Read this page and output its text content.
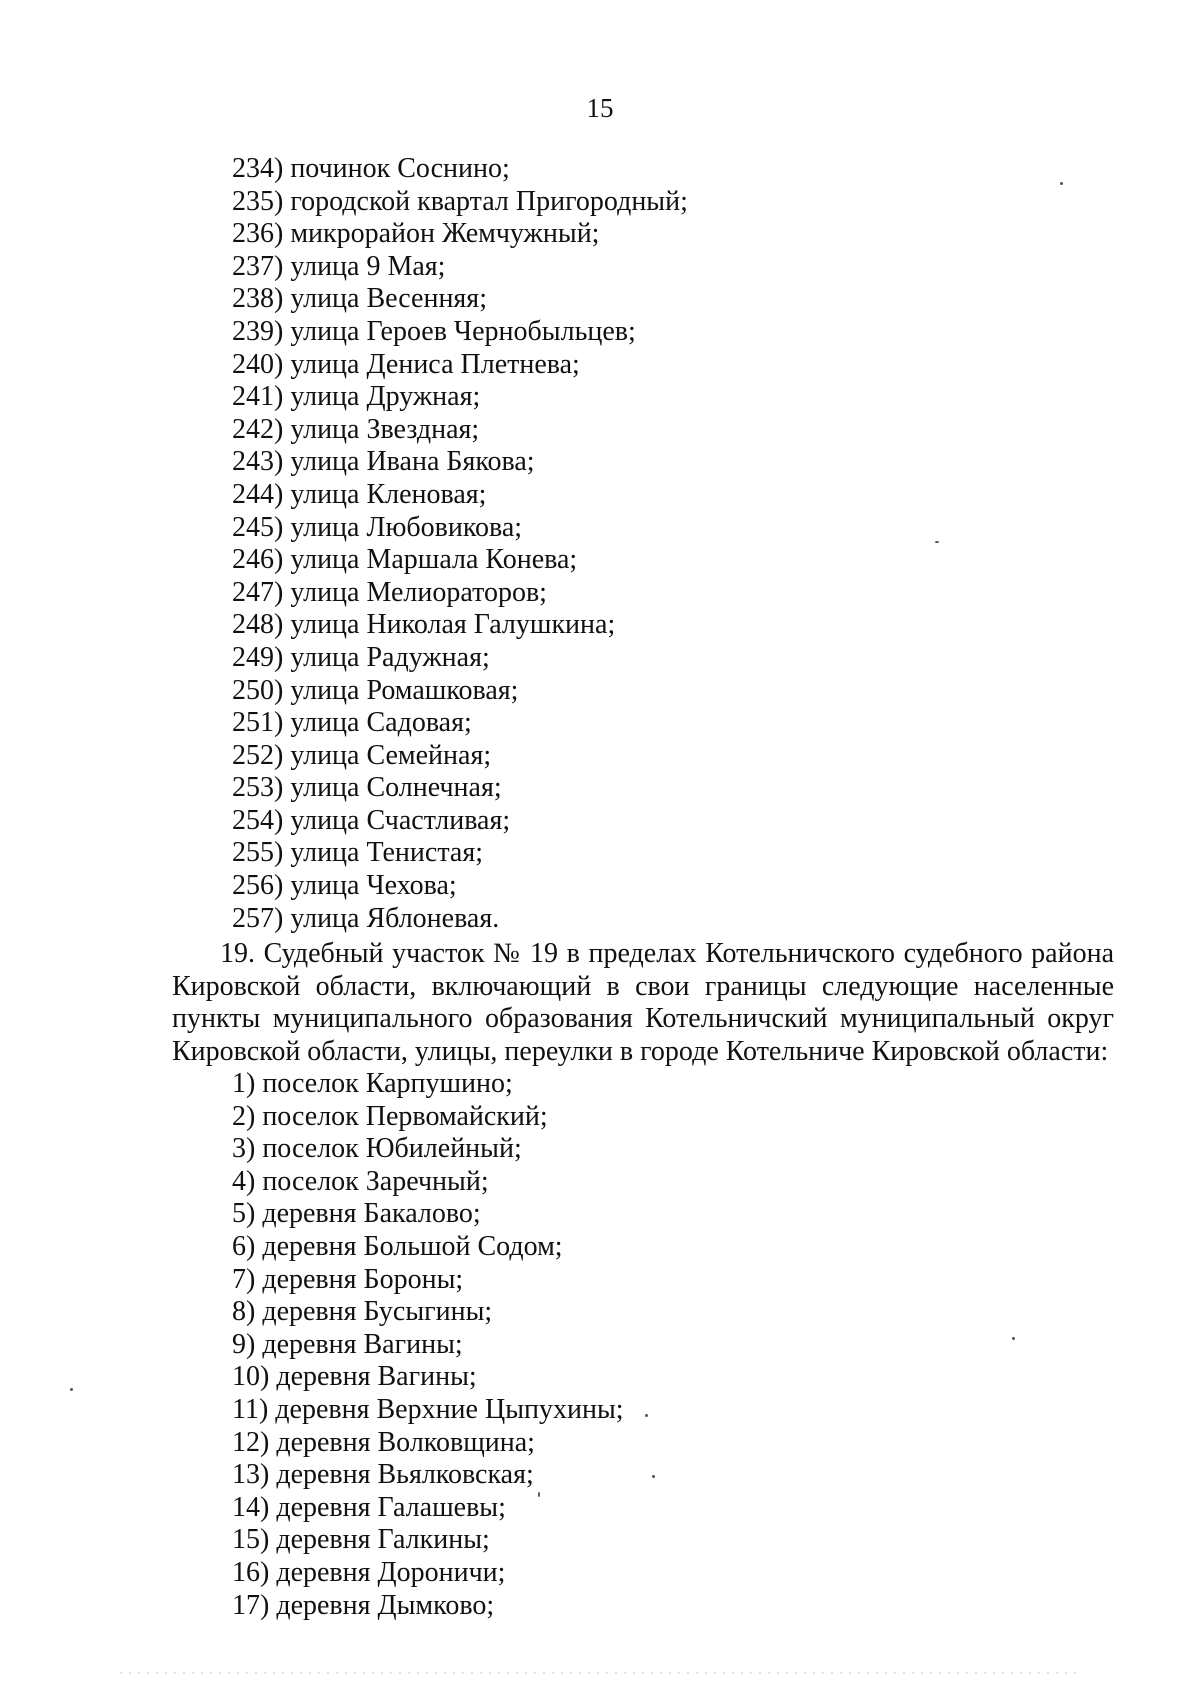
15
234) починок Соснино;
235) городской квартал Пригородный;
236) микрорайон Жемчужный;
237) улица 9 Мая;
238) улица Весенняя;
239) улица Героев Чернобыльцев;
240) улица Дениса Плетнева;
241) улица Дружная;
242) улица Звездная;
243) улица Ивана Бякова;
244) улица Кленовая;
245) улица Любовикова;
246) улица Маршала Конева;
247) улица Мелиораторов;
248) улица Николая Галушкина;
249) улица Радужная;
250) улица Ромашковая;
251) улица Садовая;
252) улица Семейная;
253) улица Солнечная;
254) улица Счастливая;
255) улица Тенистая;
256) улица Чехова;
257) улица Яблоневая.

19. Судебный участок № 19 в пределах Котельничского судебного района Кировской области, включающий в свои границы следующие населенные пункты муниципального образования Котельничский муниципальный округ Кировской области, улицы, переулки в городе Котельниче Кировской области:

1) поселок Карпушино;
2) поселок Первомайский;
3) поселок Юбилейный;
4) поселок Заречный;
5) деревня Бакалово;
6) деревня Большой Содом;
7) деревня Бороны;
8) деревня Бусыгины;
9) деревня Вагины;
10) деревня Вагины;
11) деревня Верхние Цыпухины;
12) деревня Волковщина;
13) деревня Вьялковская;
14) деревня Галашевы;
15) деревня Галкины;
16) деревня Дороничи;
17) деревня Дымково;
